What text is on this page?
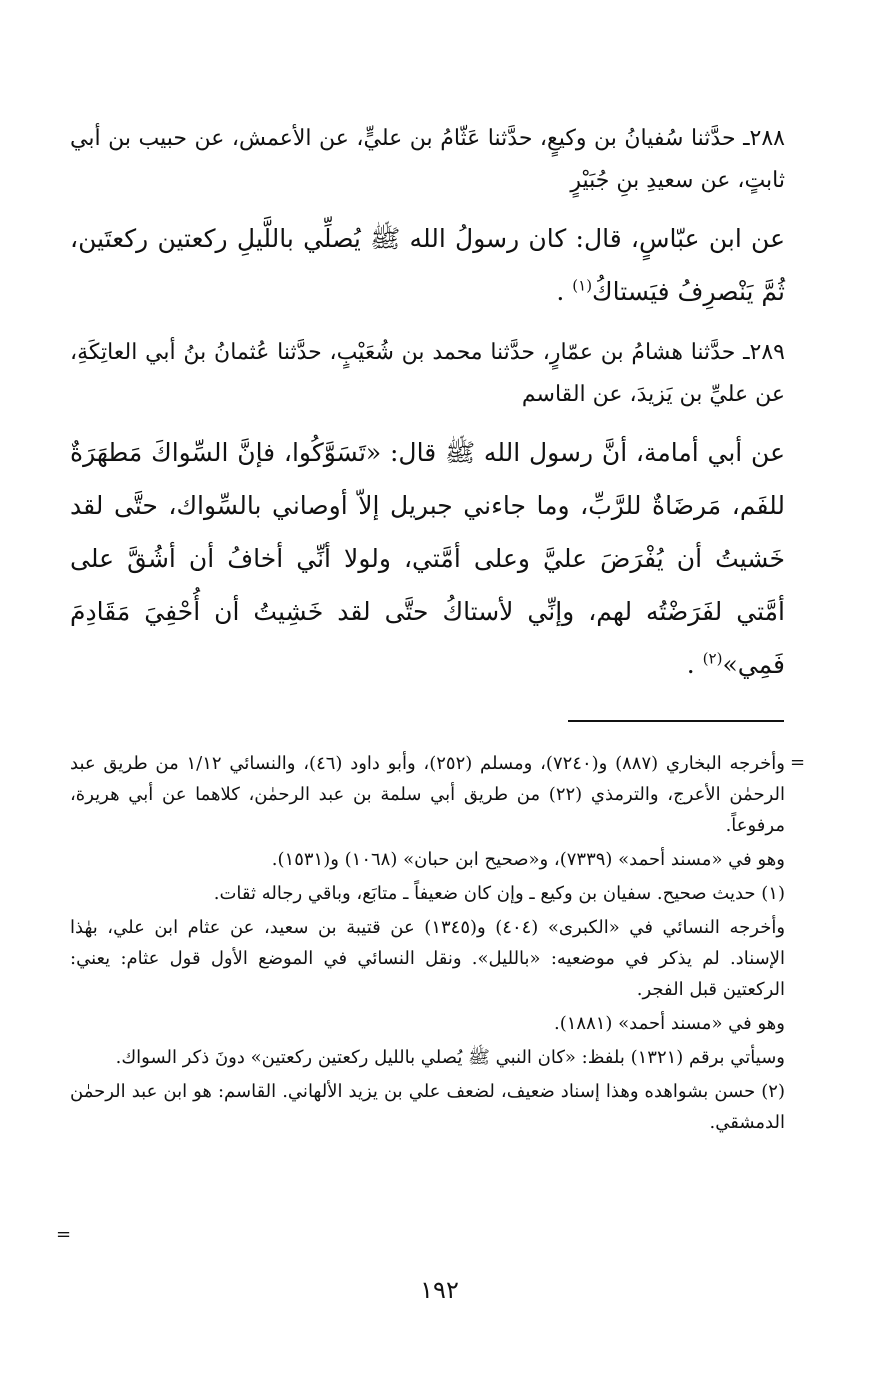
٢٨٨ـ حدَّثنا سُفيانُ بن وكيعٍ، حدَّثنا عَثّامُ بن عليٍّ، عن الأعمش، عن حبيب بن أبي ثابتٍ، عن سعيدِ بنِ جُبَيْرٍ

عن ابن عبّاسٍ، قال: كان رسولُ الله ﷺ يُصلِّي باللَّيلِ ركعتين ركعتَين، ثُمَّ يَنْصرِفُ فيَستاكُ$^{(١)}$ .

٢٨٩ـ حدَّثنا هشامُ بن عمّارٍ، حدَّثنا محمد بن شُعَيْبٍ، حدَّثنا عُثمانُ بنُ أبي العاتِكَةِ، عن عليِّ بن يَزيدَ، عن القاسم

عن أبي أمامة، أنَّ رسول الله ﷺ قال: «تَسَوَّكُوا، فإنَّ السِّواكَ مَطهَرَةٌ للفَم، مَرضَاةٌ للرَّبِّ، وما جاءني جبريل إلاّ أوصاني بالسِّواك، حتَّى لقد خَشيتُ أن يُفْرَضَ عليَّ وعلى أمَّتي، ولولا أنِّي أخافُ أن أشُقَّ على أمَّتي لفَرَضْتُه لهم، وإنِّي لأستاكُ حتَّى لقد خَشِيتُ أن أُحْفِيَ مَقَادِمَ فَمِي»$^{(٢)}$ .

=

وأخرجه البخاري (٨٨٧) و(٧٢٤٠)، ومسلم (٢٥٢)، وأبو داود (٤٦)، والنسائي ١/١٢ من طريق عبد الرحمٰن الأعرج، والترمذي (٢٢) من طريق أبي سلمة بن عبد الرحمٰن، كلاهما عن أبي هريرة، مرفوعاً.

وهو في «مسند أحمد» (٧٣٣٩)، و«صحيح ابن حبان» (١٠٦٨) و(١٥٣١).

(١) حديث صحيح. سفيان بن وكيع ـ وإن كان ضعيفاً ـ متابَع، وباقي رجاله ثقات.

وأخرجه النسائي في «الكبرى» (٤٠٤) و(١٣٤٥) عن قتيبة بن سعيد، عن عثام ابن علي، بهٰذا الإسناد. لم يذكر في موضعيه: «بالليل». ونقل النسائي في الموضع الأول قول عثام: يعني: الركعتين قبل الفجر.

وهو في «مسند أحمد» (١٨٨١).

وسيأتي برقم (١٣٢١) بلفظ: «كان النبي ﷺ يُصلي بالليل ركعتين ركعتين» دونَ ذكر السواك.

(٢) حسن بشواهده وهذا إسناد ضعيف، لضعف علي بن يزيد الألهاني. القاسم: هو ابن عبد الرحمٰن الدمشقي.

=
١٩٢
